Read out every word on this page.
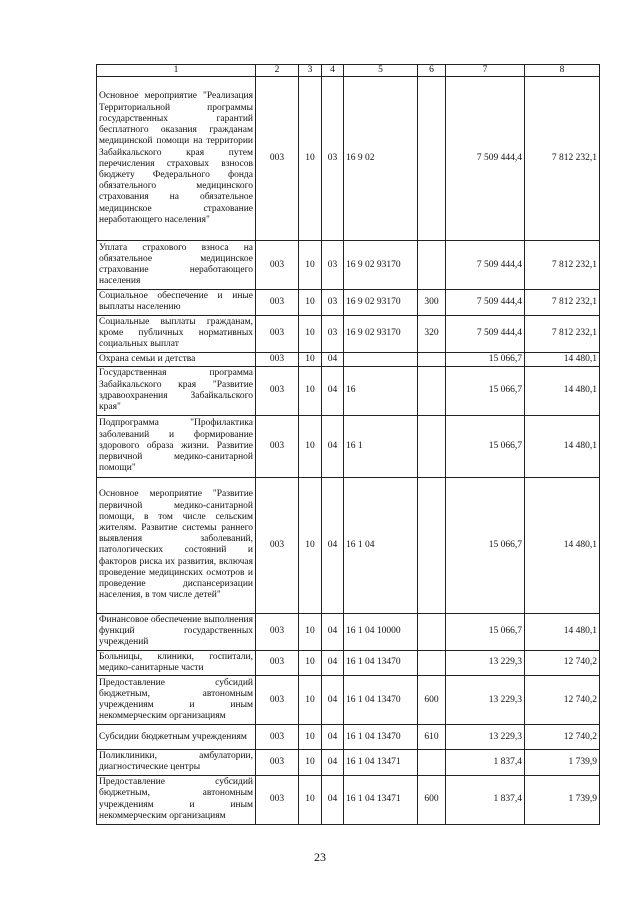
1	2	3	4	5	6	7	8
Основное мероприятие "Реализация Территориальной программы государственных гарантий бесплатного оказания гражданам медицинской помощи на территории Забайкальского края путем перечисления страховых взносов бюджету Федерального фонда обязательного медицинского страхования на обязательное медицинское страхование неработающего населения"	003	10	03	16 9 02		7 509 444,4	7 812 232,1
Уплата страхового взноса на обязательное медицинское страхование неработающего населения	003	10	03	16 9 02 93170		7 509 444,4	7 812 232,1
Социальное обеспечение и иные выплаты населению	003	10	03	16 9 02 93170	300	7 509 444,4	7 812 232,1
Социальные выплаты гражданам, кроме публичных нормативных социальных выплат	003	10	03	16 9 02 93170	320	7 509 444,4	7 812 232,1
Охрана семьи и детства	003	10	04			15 066,7	14 480,1
Государственная программа Забайкальского края "Развитие здравоохранения Забайкальского края"	003	10	04	16		15 066,7	14 480,1
Подпрограмма "Профилактика заболеваний и формирование здорового образа жизни. Развитие первичной медико-санитарной помощи"	003	10	04	16 1		15 066,7	14 480,1
Основное мероприятие "Развитие первичной медико-санитарной помощи, в том числе сельским жителям. Развитие системы раннего выявления заболеваний, патологических состояний и факторов риска их развития, включая проведение медицинских осмотров и проведение диспансеризации населения, в том числе детей"	003	10	04	16 1 04		15 066,7	14 480,1
Финансовое обеспечение выполнения функций государственных учреждений	003	10	04	16 1 04 10000		15 066,7	14 480,1
Больницы, клиники, госпитали, медико-санитарные части	003	10	04	16 1 04 13470		13 229,3	12 740,2
Предоставление субсидий бюджетным, автономным учреждениям и иным некоммерческим организациям	003	10	04	16 1 04 13470	600	13 229,3	12 740,2
Субсидии бюджетным учреждениям	003	10	04	16 1 04 13470	610	13 229,3	12 740,2
Поликлиники, амбулатории, диагностические центры	003	10	04	16 1 04 13471		1 837,4	1 739,9
Предоставление субсидий бюджетным, автономным учреждениям и иным некоммерческим организациям	003	10	04	16 1 04 13471	600	1 837,4	1 739,9
23
